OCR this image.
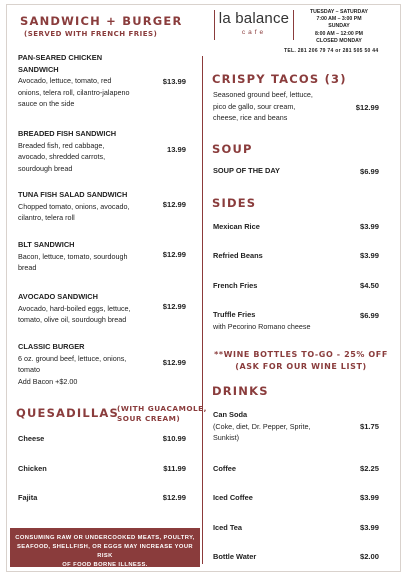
SANDWICH + BURGER
(SERVED WITH FRENCH FRIES)
PAN-SEARED CHICKEN
SANDWICH
Avocado, lettuce, tomato, red
onions, telera roll, cilantro-jalapeno
sauce on the side
$13.99
BREADED FISH SANDWICH
Breaded fish, red cabbage,
avocado, shredded carrots,
sourdough bread
13.99
TUNA FISH SALAD SANDWICH
Chopped tomato, onions, avocado,
cilantro, telera roll
$12.99
BLT SANDWICH
Bacon, lettuce, tomato, sourdough
bread
$12.99
AVOCADO SANDWICH
Avocado, hard-boiled eggs, lettuce,
tomato, olive oil, sourdough bread
$12.99
CLASSIC BURGER
6 oz. ground beef, lettuce, onions,
tomato
Add Bacon +$2.00
$12.99
QUESADILLAS
(WITH GUACAMOLE,
SOUR CREAM)
Cheese	$10.99
Chicken	$11.99
Fajita	$12.99
CONSUMING RAW OR UNDERCOOKED MEATS, POULTRY,
SEAFOOD, SHELLFISH, OR EGGS MAY INCREASE YOUR RISK
OF FOOD BORNE ILLNESS.
la balance
cafe
TUESDAY – SATURDAY
7:00 AM – 3:00 PM
SUNDAY
8:00 AM – 12:00 PM
CLOSED MONDAY
TEL. 281 206 79 74 or 281 505 50 44
CRISPY TACOS (3)
Seasoned ground beef, lettuce,
pico de gallo, sour cream,
cheese, rice and beans
$12.99
SOUP
SOUP OF THE DAY	$6.99
SIDES
Mexican Rice	$3.99
Refried Beans	$3.99
French Fries	$4.50
Truffle Fries
with Pecorino Romano cheese
$6.99
**WINE BOTTLES TO-GO - 25% OFF
(ASK FOR OUR WINE LIST)
DRINKS
Can Soda
(Coke, diet, Dr. Pepper, Sprite,
Sunkist)
$1.75
Coffee	$2.25
Iced Coffee	$3.99
Iced Tea	$3.99
Bottle Water	$2.00
